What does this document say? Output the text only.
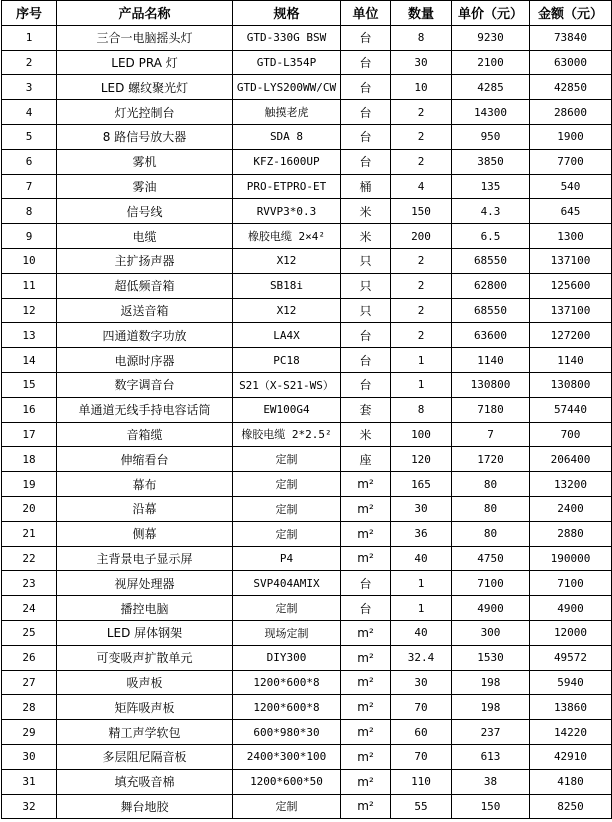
序号	产品名称	规格	单位	数量	单价（元）	金额（元）
1	三合一电脑摇头灯	GTD-330G BSW	台	8	9230	73840
2	LED PRA 灯	GTD-L354P	台	30	2100	63000
3	LED 螺纹聚光灯	GTD-LYS200WW/CW	台	10	4285	42850
4	灯光控制台	触摸老虎	台	2	14300	28600
5	8 路信号放大器	SDA 8	台	2	950	1900
6	雾机	KFZ-1600UP	台	2	3850	7700
7	雾油	PRO-ETPRO-ET	桶	4	135	540
8	信号线	RVVP3*0.3	米	150	4.3	645
9	电缆	橡胶电缆 2×4²	米	200	6.5	1300
10	主扩扬声器	X12	只	2	68550	137100
11	超低频音箱	SB18i	只	2	62800	125600
12	返送音箱	X12	只	2	68550	137100
13	四通道数字功放	LA4X	台	2	63600	127200
14	电源时序器	PC18	台	1	1140	1140
15	数字调音台	S21（X-S21-WS）	台	1	130800	130800
16	单通道无线手持电容话筒	EW100G4	套	8	7180	57440
17	音箱缆	橡胶电缆 2*2.5²	米	100	7	700
18	伸缩看台	定制	座	120	1720	206400
19	幕布	定制	m²	165	80	13200
20	沿幕	定制	m²	30	80	2400
21	侧幕	定制	m²	36	80	2880
22	主背景电子显示屏	P4	m²	40	4750	190000
23	视屏处理器	SVP404AMIX	台	1	7100	7100
24	播控电脑	定制	台	1	4900	4900
25	LED 屏体钢架	现场定制	m²	40	300	12000
26	可变吸声扩散单元	DIY300	m²	32.4	1530	49572
27	吸声板	1200*600*8	m²	30	198	5940
28	矩阵吸声板	1200*600*8	m²	70	198	13860
29	精工声学软包	600*980*30	m²	60	237	14220
30	多层阻尼隔音板	2400*300*100	m²	70	613	42910
31	填充吸音棉	1200*600*50	m²	110	38	4180
32	舞台地胶	定制	m²	55	150	8250
